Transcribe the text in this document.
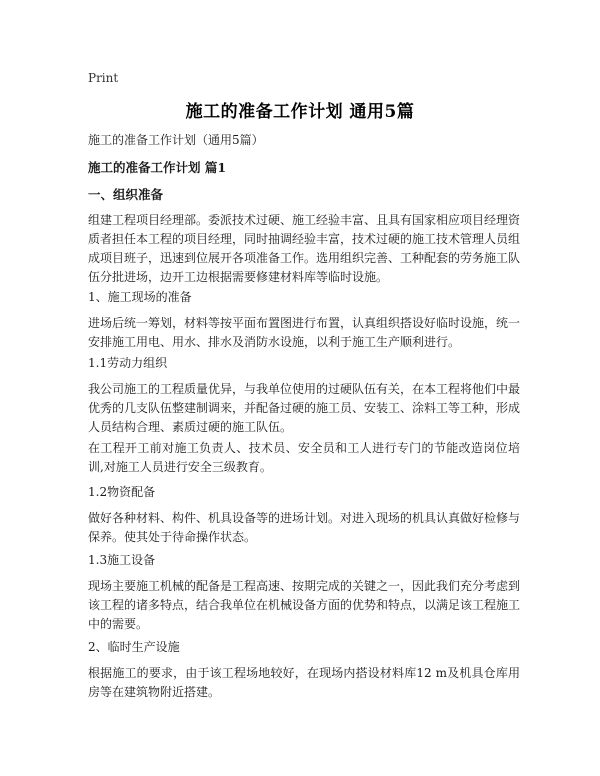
Print
施工的准备工作计划 通用5篇
施工的准备工作计划（通用5篇）
施工的准备工作计划 篇1
一、组织准备
组建工程项目经理部。委派技术过硬、施工经验丰富、且具有国家相应项目经理资质者担任本工程的项目经理，同时抽调经验丰富，技术过硬的施工技术管理人员组成项目班子，迅速到位展开各项准备工作。选用组织完善、工种配套的劳务施工队伍分批进场，边开工边根据需要修建材料库等临时设施。
1、施工现场的准备
进场后统一筹划，材料等按平面布置图进行布置，认真组织搭设好临时设施，统一安排施工用电、用水、排水及消防水设施，以利于施工生产顺利进行。
1.1劳动力组织
我公司施工的工程质量优异，与我单位使用的过硬队伍有关，在本工程将他们中最优秀的几支队伍整建制调来，并配备过硬的施工员、安装工、涂料工等工种，形成人员结构合理、素质过硬的施工队伍。
在工程开工前对施工负责人、技术员、安全员和工人进行专门的节能改造岗位培训,对施工人员进行安全三级教育。
1.2物资配备
做好各种材料、构件、机具设备等的进场计划。对进入现场的机具认真做好检修与保养。使其处于待命操作状态。
1.3施工设备
现场主要施工机械的配备是工程高速、按期完成的关键之一，因此我们充分考虑到该工程的诸多特点，结合我单位在机械设备方面的优势和特点，以满足该工程施工中的需要。
2、临时生产设施
根据施工的要求，由于该工程场地较好，在现场内搭设材料库12 m及机具仓库用房等在建筑物附近搭建。
